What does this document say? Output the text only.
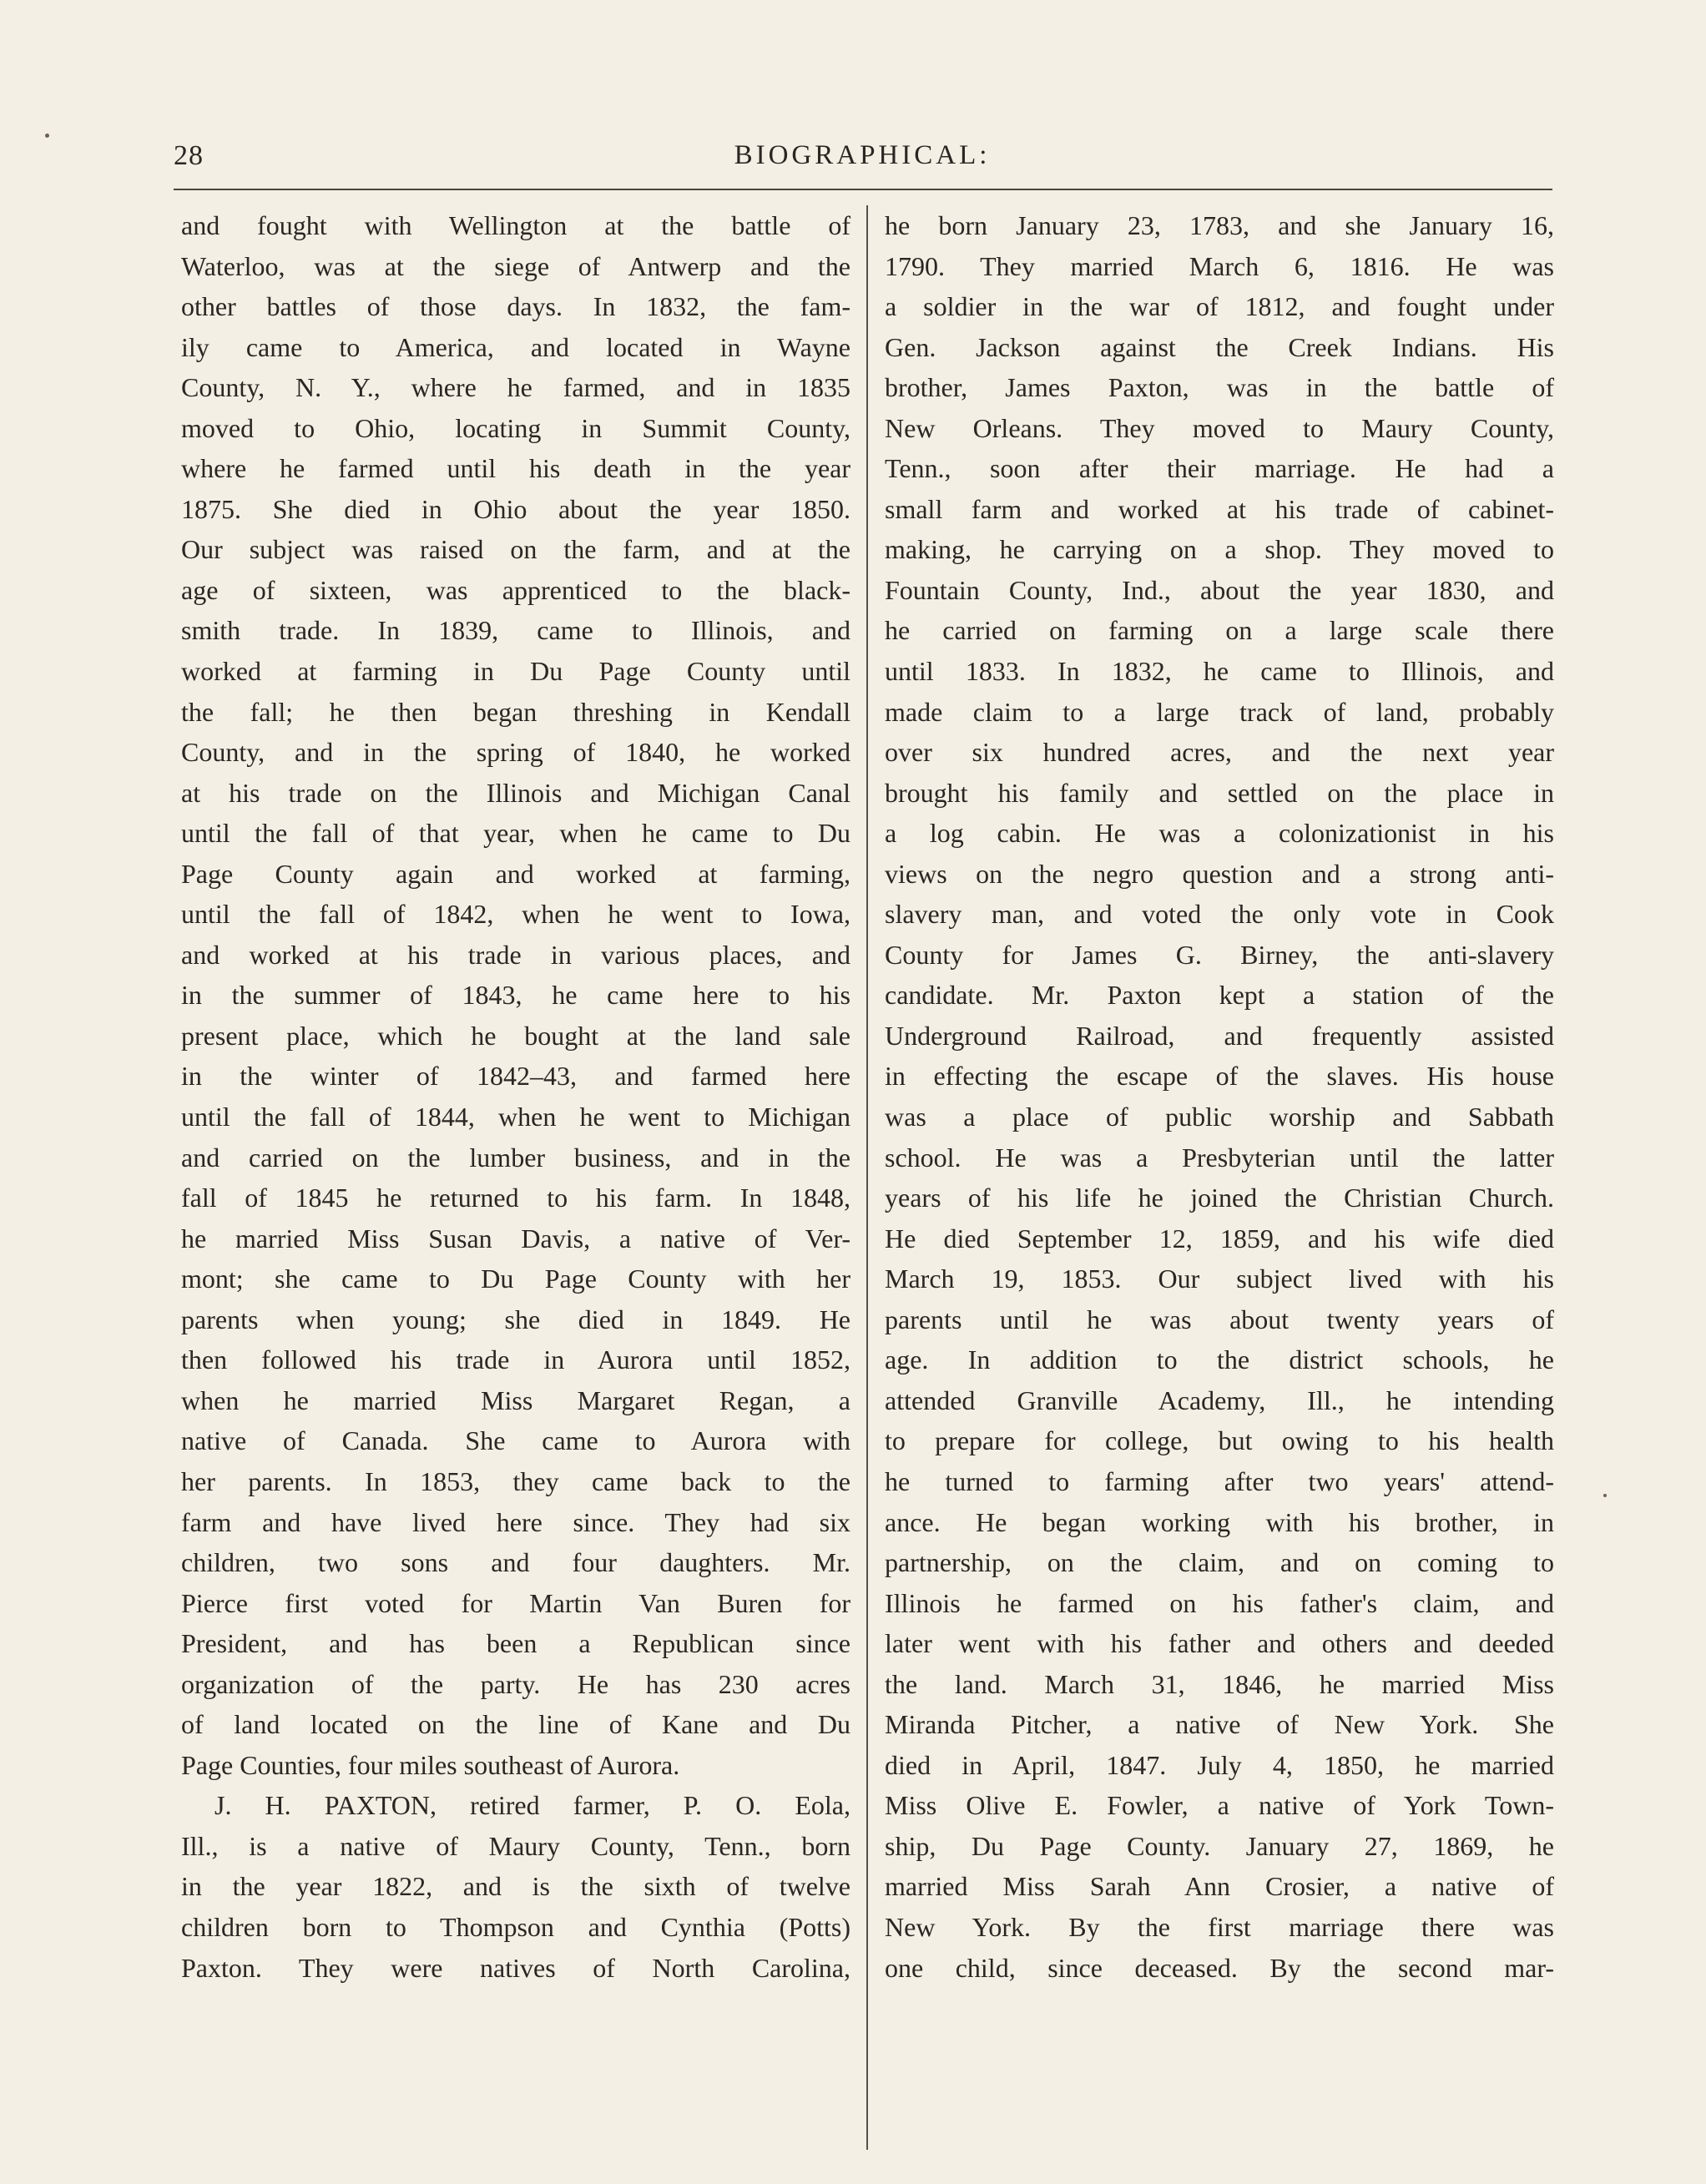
28	BIOGRAPHICAL:
and fought with Wellington at the battle of
Waterloo, was at the siege of Antwerp and the
other battles of those days. In 1832, the fam-
ily came to America, and located in Wayne
County, N. Y., where he farmed, and in 1835
moved to Ohio, locating in Summit County,
where he farmed until his death in the year
1875. She died in Ohio about the year 1850.
Our subject was raised on the farm, and at the
age of sixteen, was apprenticed to the black-
smith trade. In 1839, came to Illinois, and
worked at farming in Du Page County until
the fall; he then began threshing in Kendall
County, and in the spring of 1840, he worked
at his trade on the Illinois and Michigan Canal
until the fall of that year, when he came to Du
Page County again and worked at farming,
until the fall of 1842, when he went to Iowa,
and worked at his trade in various places, and
in the summer of 1843, he came here to his
present place, which he bought at the land sale
in the winter of 1842–43, and farmed here
until the fall of 1844, when he went to Michigan
and carried on the lumber business, and in the
fall of 1845 he returned to his farm. In 1848,
he married Miss Susan Davis, a native of Ver-
mont; she came to Du Page County with her
parents when young; she died in 1849. He
then followed his trade in Aurora until 1852,
when he married Miss Margaret Regan, a
native of Canada. She came to Aurora with
her parents. In 1853, they came back to the
farm and have lived here since. They had six
children, two sons and four daughters. Mr.
Pierce first voted for Martin Van Buren for
President, and has been a Republican since
organization of the party. He has 230 acres
of land located on the line of Kane and Du
Page Counties, four miles southeast of Aurora.
J. H. PAXTON, retired farmer, P. O. Eola,
Ill., is a native of Maury County, Tenn., born
in the year 1822, and is the sixth of twelve
children born to Thompson and Cynthia (Potts)
Paxton. They were natives of North Carolina,
he born January 23, 1783, and she January 16,
1790. They married March 6, 1816. He was
a soldier in the war of 1812, and fought under
Gen. Jackson against the Creek Indians. His
brother, James Paxton, was in the battle of
New Orleans. They moved to Maury County,
Tenn., soon after their marriage. He had a
small farm and worked at his trade of cabinet-
making, he carrying on a shop. They moved to
Fountain County, Ind., about the year 1830, and
he carried on farming on a large scale there
until 1833. In 1832, he came to Illinois, and
made claim to a large track of land, probably
over six hundred acres, and the next year
brought his family and settled on the place in
a log cabin. He was a colonizationist in his
views on the negro question and a strong anti-
slavery man, and voted the only vote in Cook
County for James G. Birney, the anti-slavery
candidate. Mr. Paxton kept a station of the
Underground Railroad, and frequently assisted
in effecting the escape of the slaves. His house
was a place of public worship and Sabbath
school. He was a Presbyterian until the latter
years of his life he joined the Christian Church.
He died September 12, 1859, and his wife died
March 19, 1853. Our subject lived with his
parents until he was about twenty years of
age. In addition to the district schools, he
attended Granville Academy, Ill., he intending
to prepare for college, but owing to his health
he turned to farming after two years' attend-
ance. He began working with his brother, in
partnership, on the claim, and on coming to
Illinois he farmed on his father's claim, and
later went with his father and others and deeded
the land. March 31, 1846, he married Miss
Miranda Pitcher, a native of New York. She
died in April, 1847. July 4, 1850, he married
Miss Olive E. Fowler, a native of York Town-
ship, Du Page County. January 27, 1869, he
married Miss Sarah Ann Crosier, a native of
New York. By the first marriage there was
one child, since deceased. By the second mar-
